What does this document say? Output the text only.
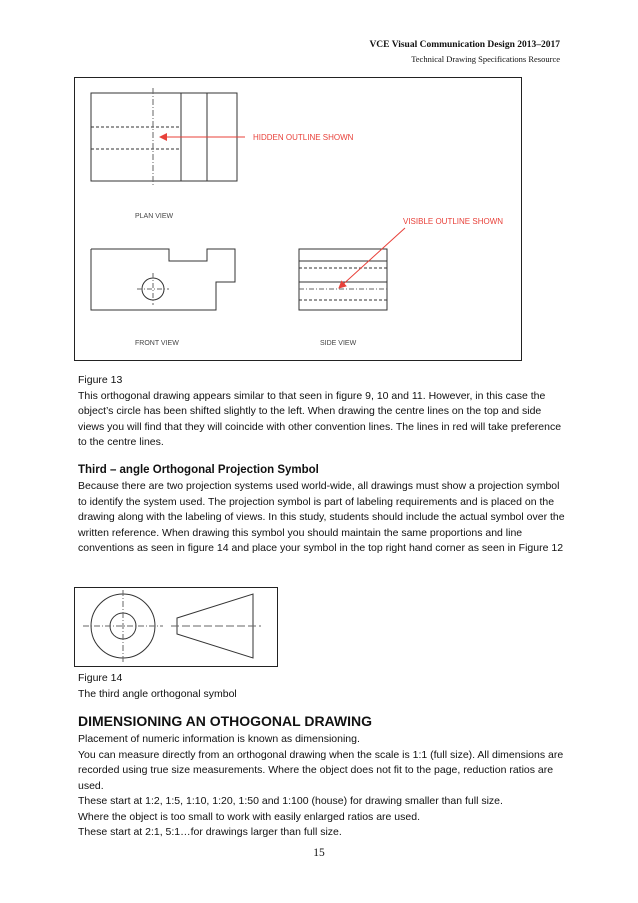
VCE Visual Communication Design 2013–2017
Technical Drawing Specifications Resource
HIDDEN OUTLINE SHOWN
PLAN VIEW
FRONT VIEW
VISIBLE OUTLINE SHOWN
SIDE VIEW

Figure 13

This orthogonal drawing appears similar to that seen in figure 9, 10 and 11. However, in this case the object’s circle has been shifted slightly to the left. When drawing the centre lines on the top and side views you will find that they will coincide with other convention lines. The lines in red will take preference to the centre lines.

Third – angle Orthogonal Projection Symbol
Because there are two projection systems used world-wide, all drawings must show a projection symbol to identify the system used. The projection symbol is part of labeling requirements and is placed on the drawing along with the labeling of views. In this study, students should include the actual symbol over the written reference. When drawing this symbol you should maintain the same proportions and line conventions as seen in figure 14 and place your symbol in the top right hand corner as seen in Figure 12

Figure 14

The third angle orthogonal symbol

DIMENSIONING AN OTHOGONAL DRAWING

Placement of numeric information is known as dimensioning.

You can measure directly from an orthogonal drawing when the scale is 1:1 (full size). All dimensions are recorded using true size measurements. Where the object does not fit to the page, reduction ratios are used.

These start at 1:2, 1:5, 1:10, 1:20, 1:50 and 1:100 (house) for drawing smaller than full size.

Where the object is too small to work with easily enlarged ratios are used.

These start at 2:1, 5:1…for drawings larger than full size.

15
